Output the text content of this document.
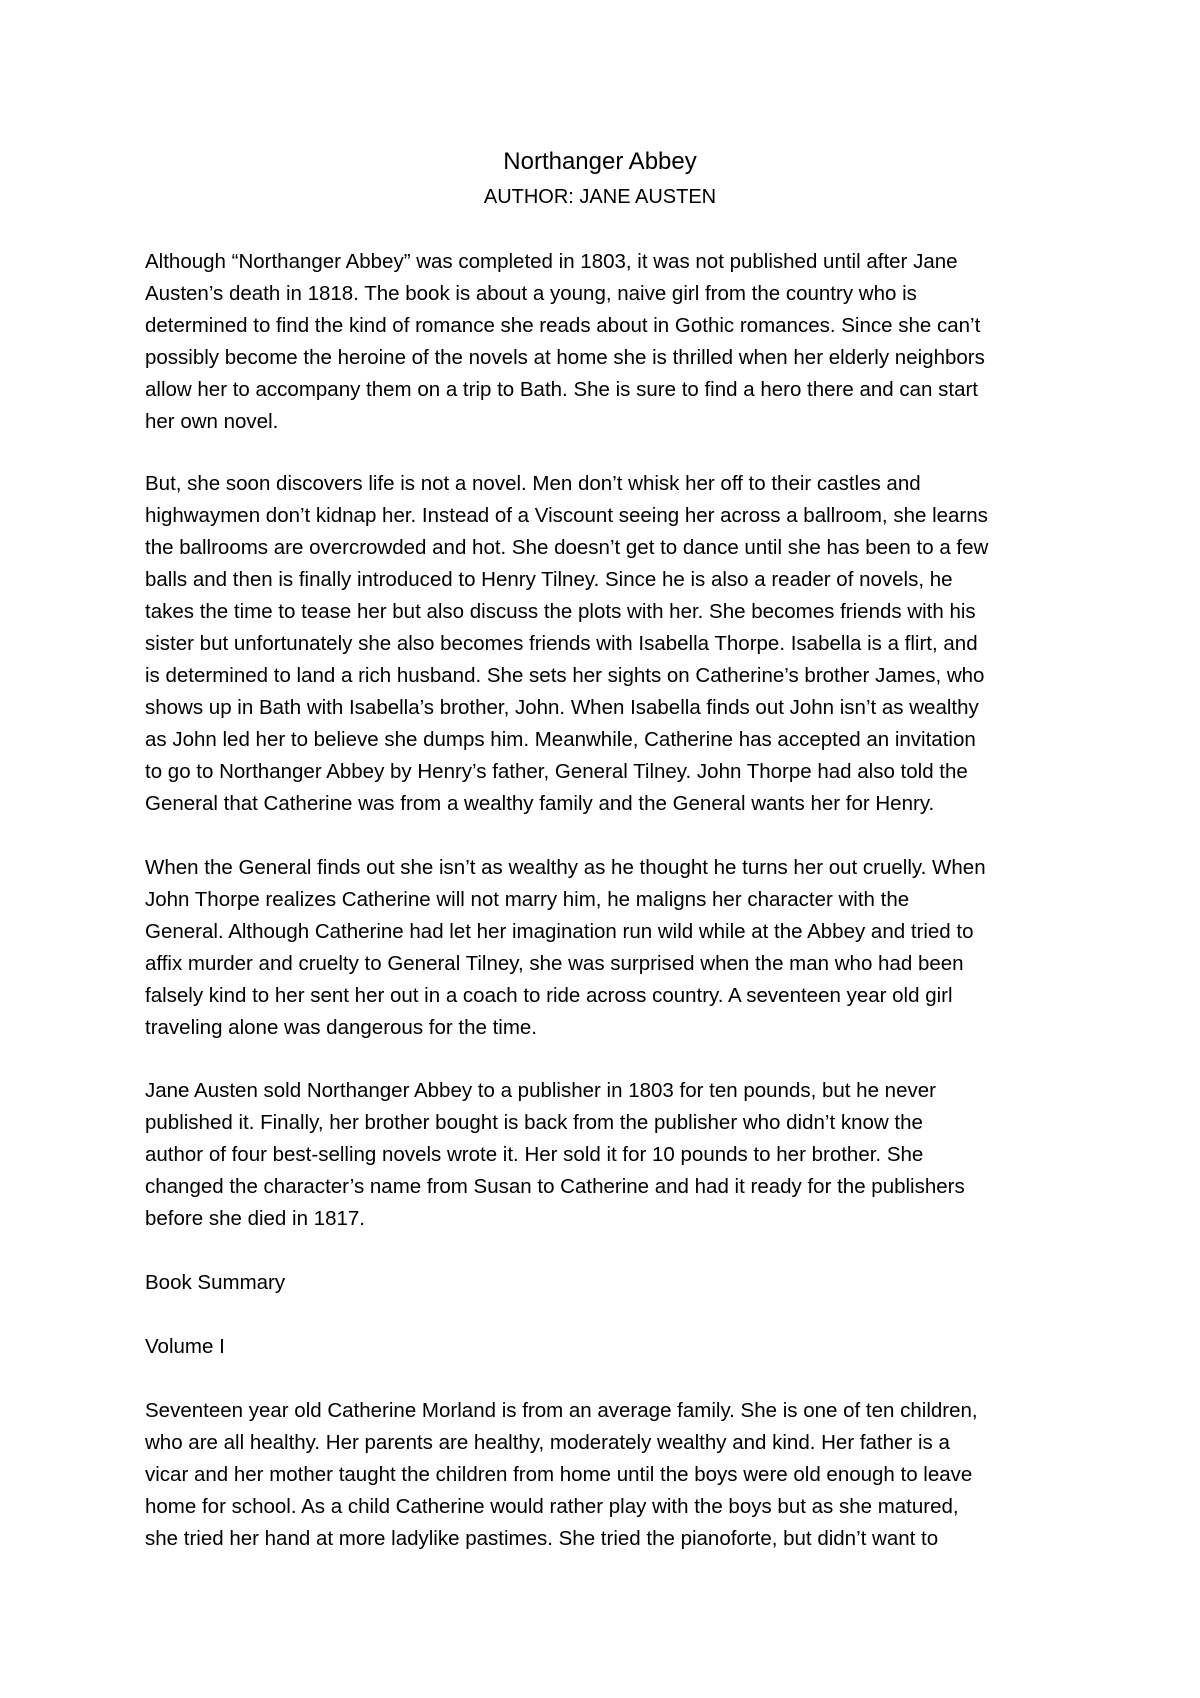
Northanger Abbey

AUTHOR: JANE AUSTEN

Although “Northanger Abbey” was completed in 1803, it was not published until after Jane

Austen’s death in 1818. The book is about a young, naive girl from the country who is

determined to find the kind of romance she reads about in Gothic romances. Since she can’t

possibly become the heroine of the novels at home she is thrilled when her elderly neighbors

allow her to accompany them on a trip to Bath. She is sure to find a hero there and can start

her own novel.

But, she soon discovers life is not a novel. Men don’t whisk her off to their castles and

highwaymen don’t kidnap her. Instead of a Viscount seeing her across a ballroom, she learns

the ballrooms are overcrowded and hot. She doesn’t get to dance until she has been to a few

balls and then is finally introduced to Henry Tilney. Since he is also a reader of novels, he

takes the time to tease her but also discuss the plots with her. She becomes friends with his

sister but unfortunately she also becomes friends with Isabella Thorpe. Isabella is a flirt, and

is determined to land a rich husband. She sets her sights on Catherine’s brother James, who

shows up in Bath with Isabella’s brother, John. When Isabella finds out John isn’t as wealthy

as John led her to believe she dumps him. Meanwhile, Catherine has accepted an invitation

to go to Northanger Abbey by Henry’s father, General Tilney. John Thorpe had also told the

General that Catherine was from a wealthy family and the General wants her for Henry.

When the General finds out she isn’t as wealthy as he thought he turns her out cruelly. When

John Thorpe realizes Catherine will not marry him, he maligns her character with the

General. Although Catherine had let her imagination run wild while at the Abbey and tried to

affix murder and cruelty to General Tilney, she was surprised when the man who had been

falsely kind to her sent her out in a coach to ride across country. A seventeen year old girl

traveling alone was dangerous for the time.

Jane Austen sold Northanger Abbey to a publisher in 1803 for ten pounds, but he never

published it. Finally, her brother bought is back from the publisher who didn’t know the

author of four best-selling novels wrote it. Her sold it for 10 pounds to her brother. She

changed the character’s name from Susan to Catherine and had it ready for the publishers

before she died in 1817.

Book Summary

Volume I

Seventeen year old Catherine Morland is from an average family. She is one of ten children,

who are all healthy. Her parents are healthy, moderately wealthy and kind. Her father is a

vicar and her mother taught the children from home until the boys were old enough to leave

home for school. As a child Catherine would rather play with the boys but as she matured,

she tried her hand at more ladylike pastimes. She tried the pianoforte, but didn’t want to
